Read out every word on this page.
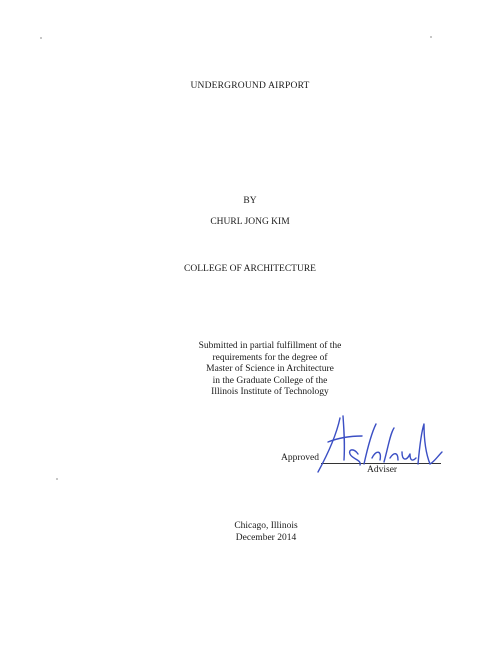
UNDERGROUND AIRPORT
BY
CHURL JONG KIM
COLLEGE OF ARCHITECTURE
Submitted in partial fulfillment of the
requirements for the degree of
Master of Science in Architecture
in the Graduate College of the
Illinois Institute of Technology
Approved
Adviser
Chicago, Illinois
December 2014
